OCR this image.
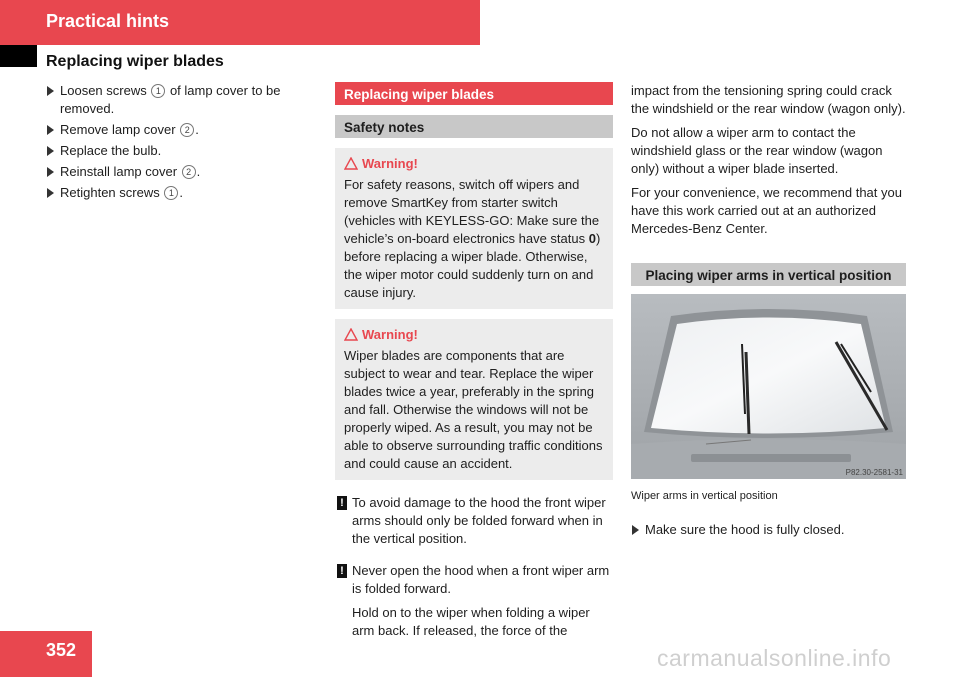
Practical hints
Replacing wiper blades
Loosen screws 1 of lamp cover to be removed.
Remove lamp cover 2 .
Replace the bulb.
Reinstall lamp cover 2 .
Retighten screws 1 .
Replacing wiper blades
Safety notes
Warning!

For safety reasons, switch off wipers and remove SmartKey from starter switch (vehicles with KEYLESS-GO: Make sure the vehicle’s on-board electronics have status 0) before replacing a wiper blade. Otherwise, the wiper motor could suddenly turn on and cause injury.

Warning!

Wiper blades are components that are subject to wear and tear. Replace the wiper blades twice a year, preferably in the spring and fall. Otherwise the windows will not be properly wiped. As a result, you may not be able to observe surrounding traffic conditions and could cause an accident.

! To avoid damage to the hood the front wiper arms should only be folded forward when in the vertical position.

! Never open the hood when a front wiper arm is folded forward.

Hold on to the wiper when folding a wiper arm back. If released, the force of the

impact from the tensioning spring could crack the windshield or the rear window (wagon only).

Do not allow a wiper arm to contact the windshield glass or the rear window (wagon only) without a wiper blade inserted.

For your convenience, we recommend that you have this work carried out at an authorized Mercedes-Benz Center.

Placing wiper arms in vertical position
P82.30-2581-31
Wiper arms in vertical position
Make sure the hood is fully closed.
352	carmanualsonline.info
